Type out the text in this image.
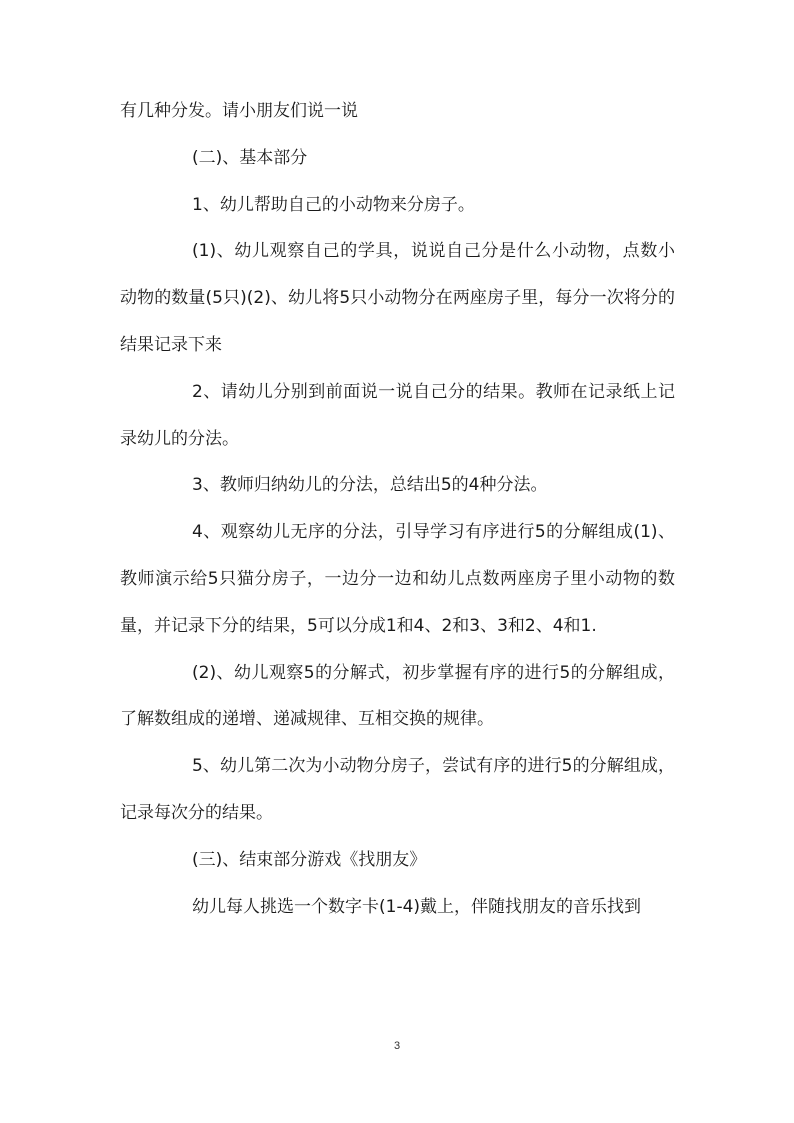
有几种分发。请小朋友们说一说

(二)、基本部分

1、幼儿帮助自己的小动物来分房子。

(1)、幼儿观察自己的学具，说说自己分是什么小动物，点数小动物的数量(5只)(2)、幼儿将5只小动物分在两座房子里，每分一次将分的结果记录下来

2、请幼儿分别到前面说一说自己分的结果。教师在记录纸上记录幼儿的分法。

3、教师归纳幼儿的分法，总结出5的4种分法。

4、观察幼儿无序的分法，引导学习有序进行5的分解组成(1)、教师演示给5只猫分房子，一边分一边和幼儿点数两座房子里小动物的数量，并记录下分的结果，5可以分成1和4、2和3、3和2、4和1.

(2)、幼儿观察5的分解式，初步掌握有序的进行5的分解组成，了解数组成的递增、递减规律、互相交换的规律。

5、幼儿第二次为小动物分房子，尝试有序的进行5的分解组成，记录每次分的结果。

(三)、结束部分游戏《找朋友》

幼儿每人挑选一个数字卡(1-4)戴上，伴随找朋友的音乐找到

3
